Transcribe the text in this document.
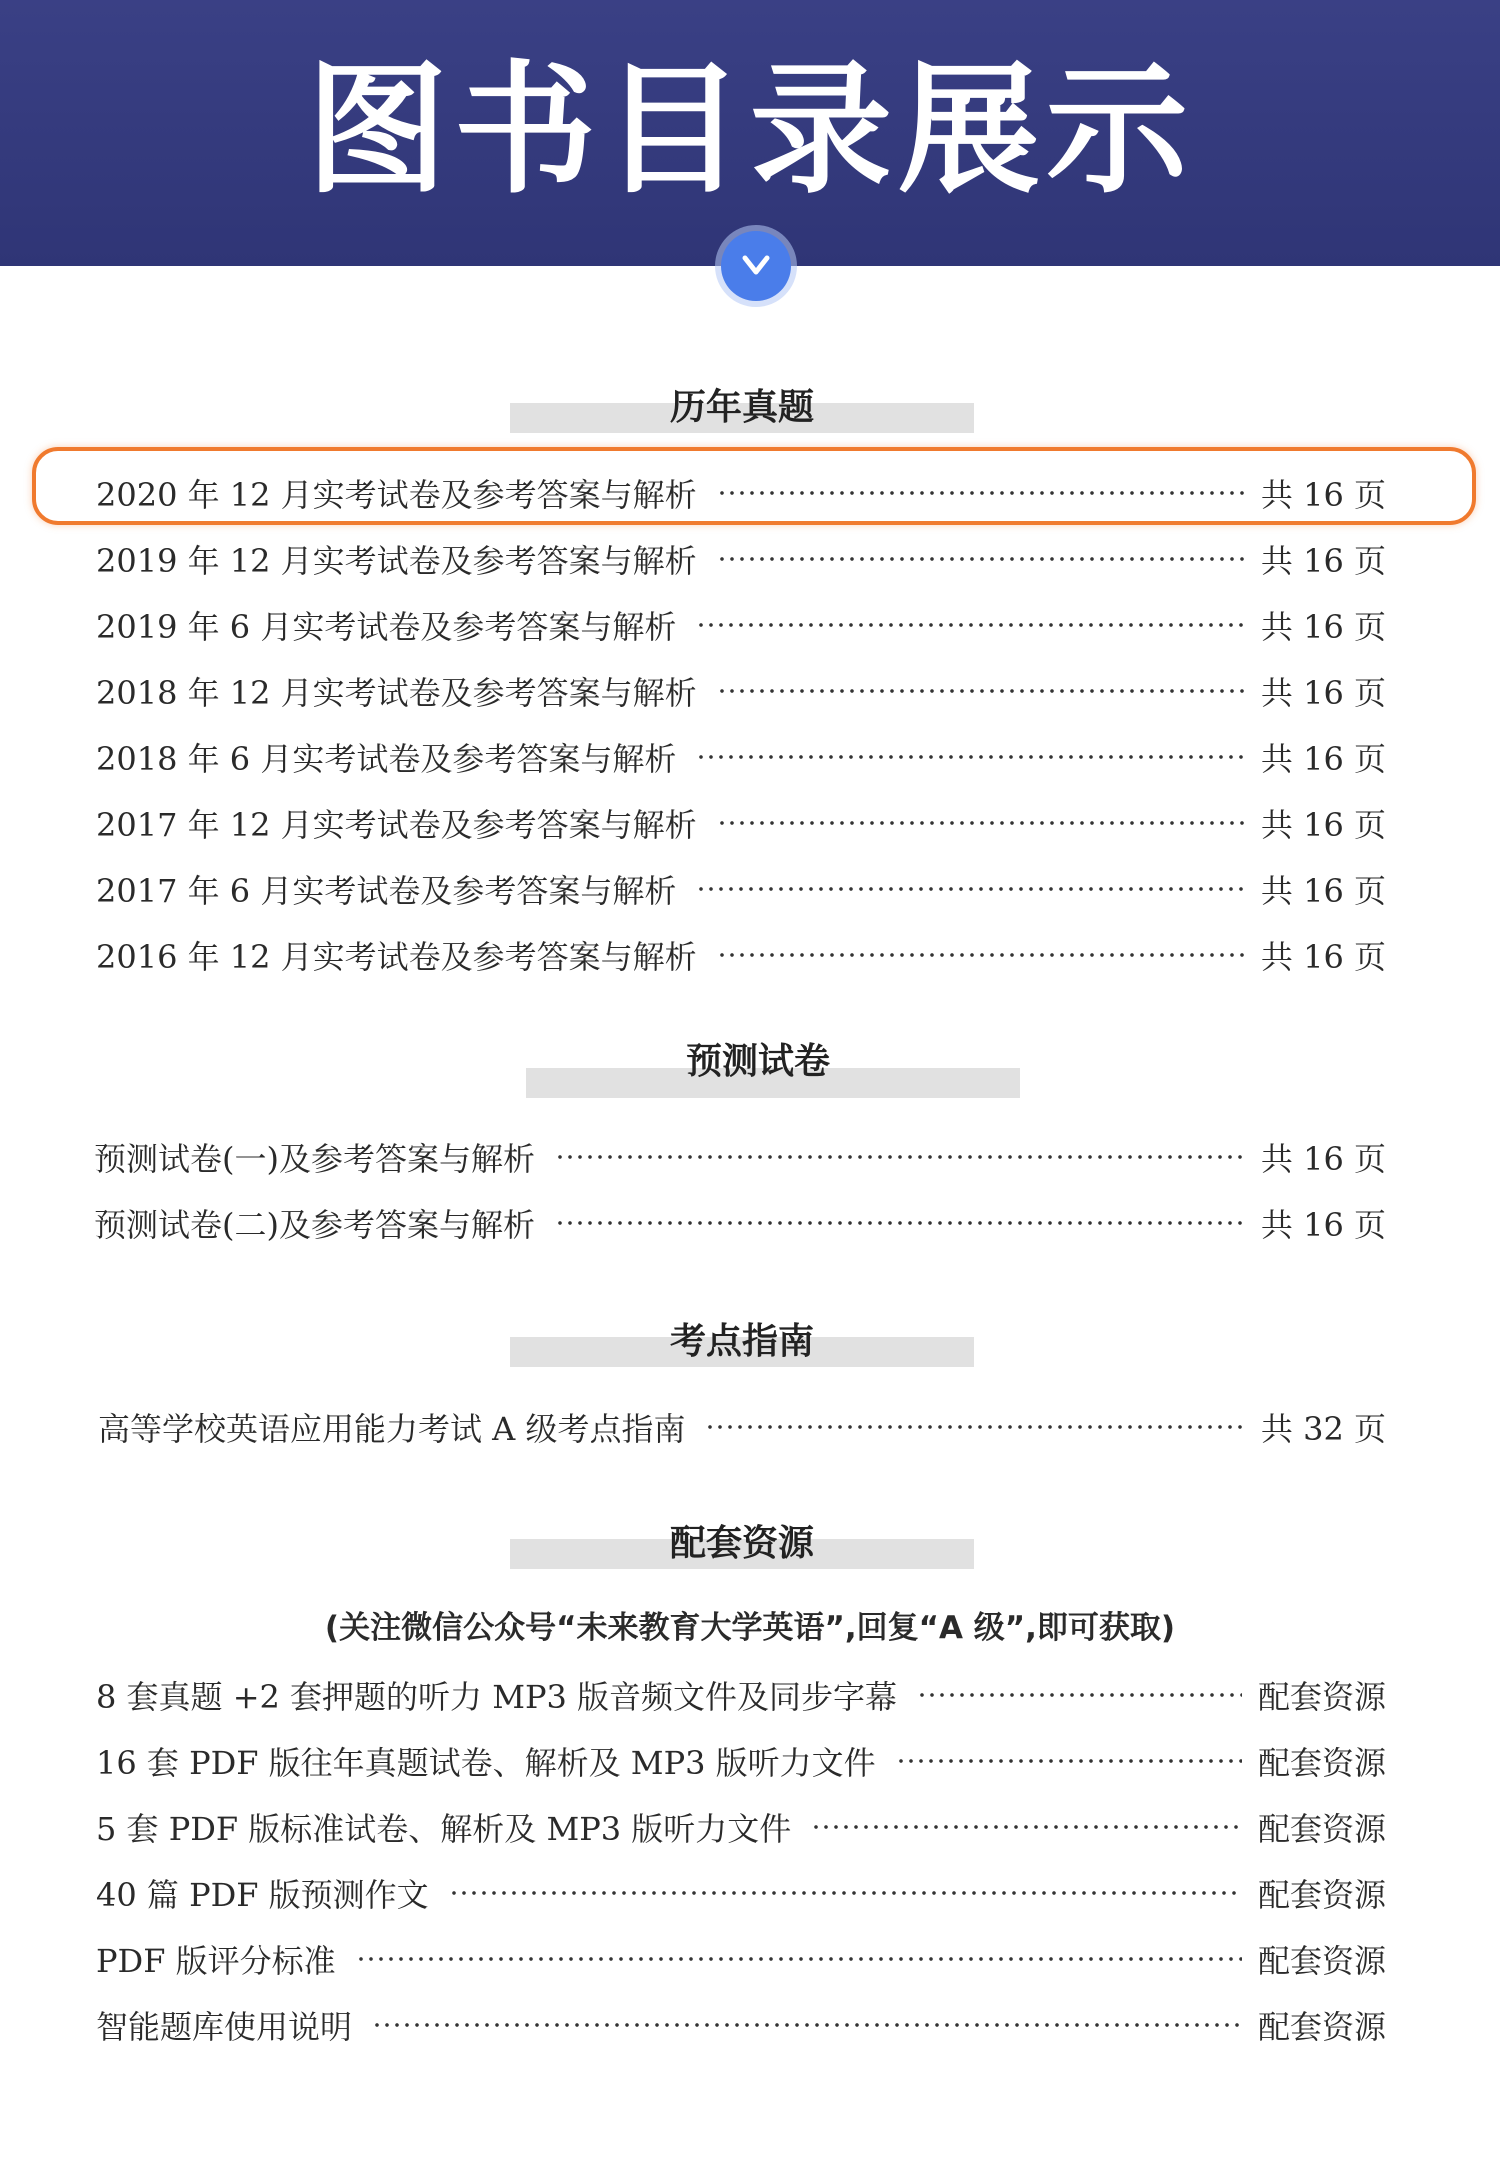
图书目录展示
历年真题
2020 年 12 月实考试卷及参考答案与解析	共 16 页
2019 年 12 月实考试卷及参考答案与解析	共 16 页
2019 年 6 月实考试卷及参考答案与解析	共 16 页
2018 年 12 月实考试卷及参考答案与解析	共 16 页
2018 年 6 月实考试卷及参考答案与解析	共 16 页
2017 年 12 月实考试卷及参考答案与解析	共 16 页
2017 年 6 月实考试卷及参考答案与解析	共 16 页
2016 年 12 月实考试卷及参考答案与解析	共 16 页
预测试卷
预测试卷(一)及参考答案与解析	共 16 页
预测试卷(二)及参考答案与解析	共 16 页
考点指南
高等学校英语应用能力考试 A 级考点指南	共 32 页
配套资源
(关注微信公众号“未来教育大学英语”,回复“A 级”,即可获取)
8 套真题 +2 套押题的听力 MP3 版音频文件及同步字幕	配套资源
16 套 PDF 版往年真题试卷、解析及 MP3 版听力文件	配套资源
5 套 PDF 版标准试卷、解析及 MP3 版听力文件	配套资源
40 篇 PDF 版预测作文	配套资源
PDF 版评分标准	配套资源
智能题库使用说明	配套资源
